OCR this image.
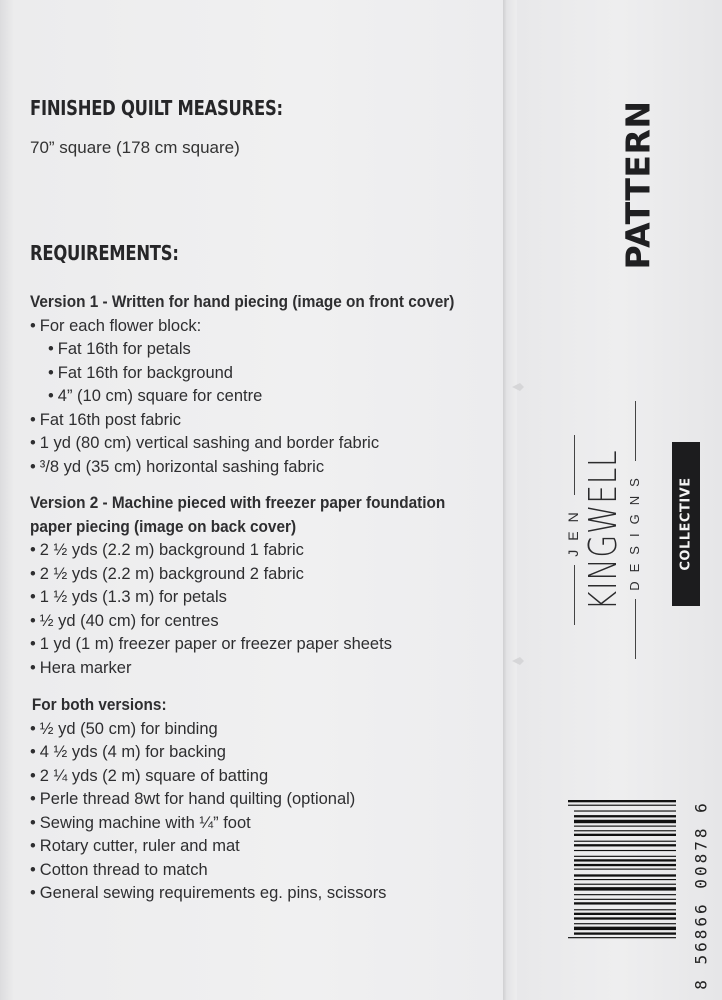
FINISHED QUILT MEASURES:
70” square (178 cm square)
REQUIREMENTS:
Version 1 - Written for hand piecing (image on front cover)
• For each flower block:
• Fat 16th for petals
• Fat 16th for background
• 4” (10 cm) square for centre
• Fat 16th post fabric
• 1 yd (80 cm) vertical sashing and border fabric
• ³/8 yd (35 cm) horizontal sashing fabric
Version 2 - Machine pieced with freezer paper foundation
paper piecing (image on back cover)
• 2 ½ yds (2.2 m) background 1 fabric
• 2 ½ yds (2.2 m) background 2 fabric
• 1 ½ yds (1.3 m) for petals
• ½ yd (40 cm) for centres
• 1 yd (1 m) freezer paper or freezer paper sheets
• Hera marker
For both versions:
• ½ yd (50 cm) for binding
• 4 ½ yds (4 m) for backing
• 2 ¼ yds (2 m) square of batting
• Perle thread 8wt for hand quilting (optional)
• Sewing machine with ¼” foot
• Rotary cutter, ruler and mat
• Cotton thread to match
• General sewing requirements eg. pins, scissors
PATTERN
JEN KINGWELL DESIGNS	COLLECTIVE
8 56866 00878 6
